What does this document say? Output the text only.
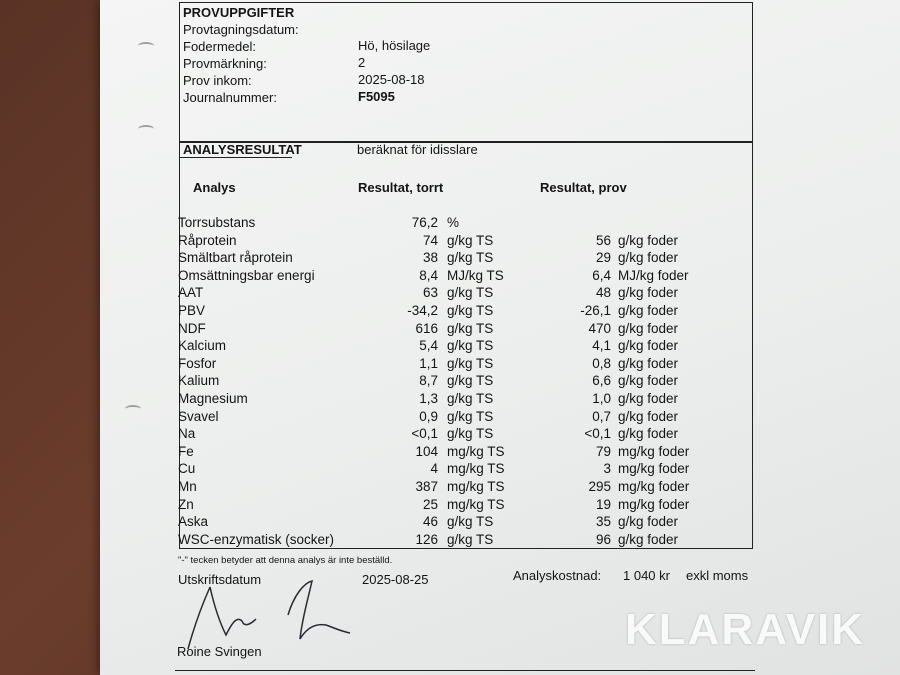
PROVUPPGIFTER
Provtagningsdatum:
Fodermedel:	Hö, hösilage
Provmärkning:	2
Prov inkom:	2025-08-18
Journalnummer:	F5095
ANALYSRESULTAT	beräknat för idisslare
Analys	Resultat, torrt	Resultat, prov
Torrsubstans	76,2 %
Råprotein	74 g/kg TS	56 g/kg foder
Smältbart råprotein	38 g/kg TS	29 g/kg foder
Omsättningsbar energi	8,4 MJ/kg TS	6,4 MJ/kg foder
AAT	63 g/kg TS	48 g/kg foder
PBV	-34,2 g/kg TS	-26,1 g/kg foder
NDF	616 g/kg TS	470 g/kg foder
Kalcium	5,4 g/kg TS	4,1 g/kg foder
Fosfor	1,1 g/kg TS	0,8 g/kg foder
Kalium	8,7 g/kg TS	6,6 g/kg foder
Magnesium	1,3 g/kg TS	1,0 g/kg foder
Svavel	0,9 g/kg TS	0,7 g/kg foder
Na	<0,1 g/kg TS	<0,1 g/kg foder
Fe	104 mg/kg TS	79 mg/kg foder
Cu	4 mg/kg TS	3 mg/kg foder
Mn	387 mg/kg TS	295 mg/kg foder
Zn	25 mg/kg TS	19 mg/kg foder
Aska	46 g/kg TS	35 g/kg foder
WSC-enzymatisk (socker)	126 g/kg TS	96 g/kg foder
"-" tecken betyder att denna analys är inte beställd.
Utskriftsdatum	2025-08-25	Analyskostnad: 1 040 kr exkl moms
Roine Svingen	KLARAVIK
